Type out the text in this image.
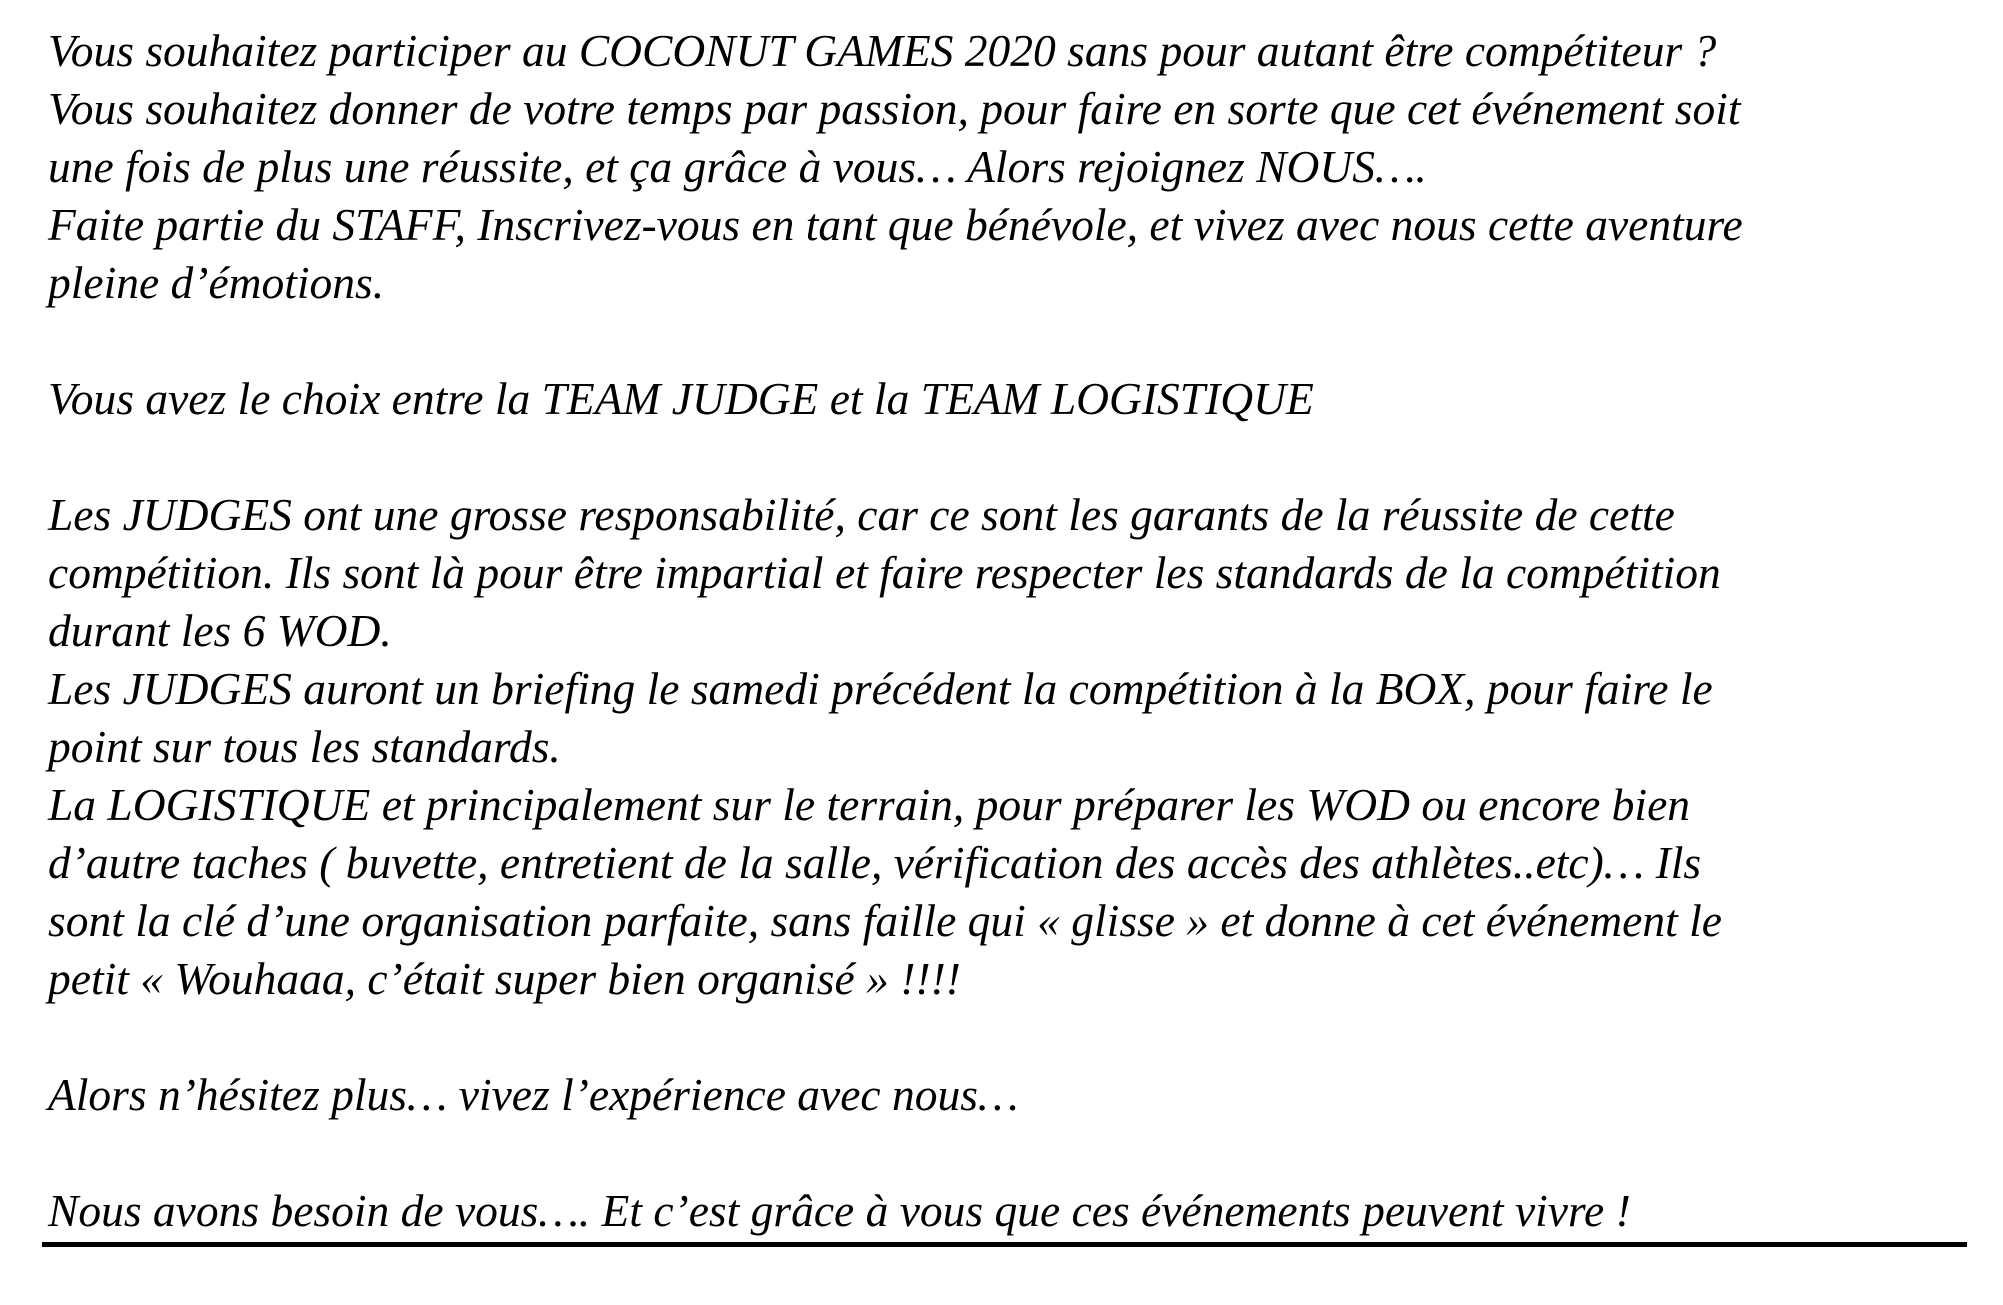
Vous souhaitez participer au COCONUT GAMES 2020 sans pour autant être compétiteur ?

Vous souhaitez donner de votre temps par passion, pour faire en sorte que cet événement soit

une fois de plus une réussite, et ça grâce à vous… Alors rejoignez NOUS….

Faite partie du STAFF, Inscrivez-vous en tant que bénévole, et vivez avec nous cette aventure

pleine d’émotions.

Vous avez le choix entre la TEAM JUDGE et la TEAM LOGISTIQUE

Les JUDGES ont une grosse responsabilité, car ce sont les garants de la réussite de cette

compétition. Ils sont là pour être impartial et faire respecter les standards de la compétition

durant les 6 WOD.

Les JUDGES auront un briefing le samedi précédent la compétition à la BOX, pour faire le

point sur tous les standards.

La LOGISTIQUE et principalement sur le terrain, pour préparer les WOD ou encore bien

d’autre taches ( buvette, entretient de la salle, vérification des accès des athlètes..etc)… Ils

sont la clé d’une organisation parfaite, sans faille qui « glisse » et donne à cet événement le

petit « Wouhaaa, c’était super bien organisé » !!!!

Alors n’hésitez plus… vivez l’expérience avec nous…

Nous avons besoin de vous…. Et c’est grâce à vous que ces événements peuvent vivre !
